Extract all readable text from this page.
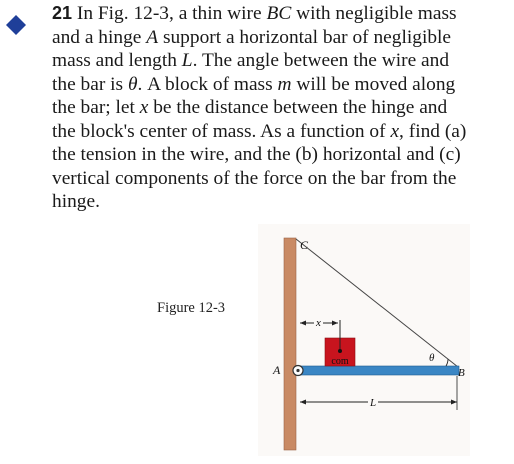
21 In Fig. 12-3, a thin wire BC with negligible mass
and a hinge A support a horizontal bar of negligible
mass and length L. The angle between the wire and
the bar is θ. A block of mass m will be moved along
the bar; let x be the distance between the hinge and
the block's center of mass. As a function of x, find (a)
the tension in the wire, and the (b) horizontal and (c)
vertical components of the force on the bar from the
hinge.
Figure 12-3
com
x
L
θ
C
A	B
